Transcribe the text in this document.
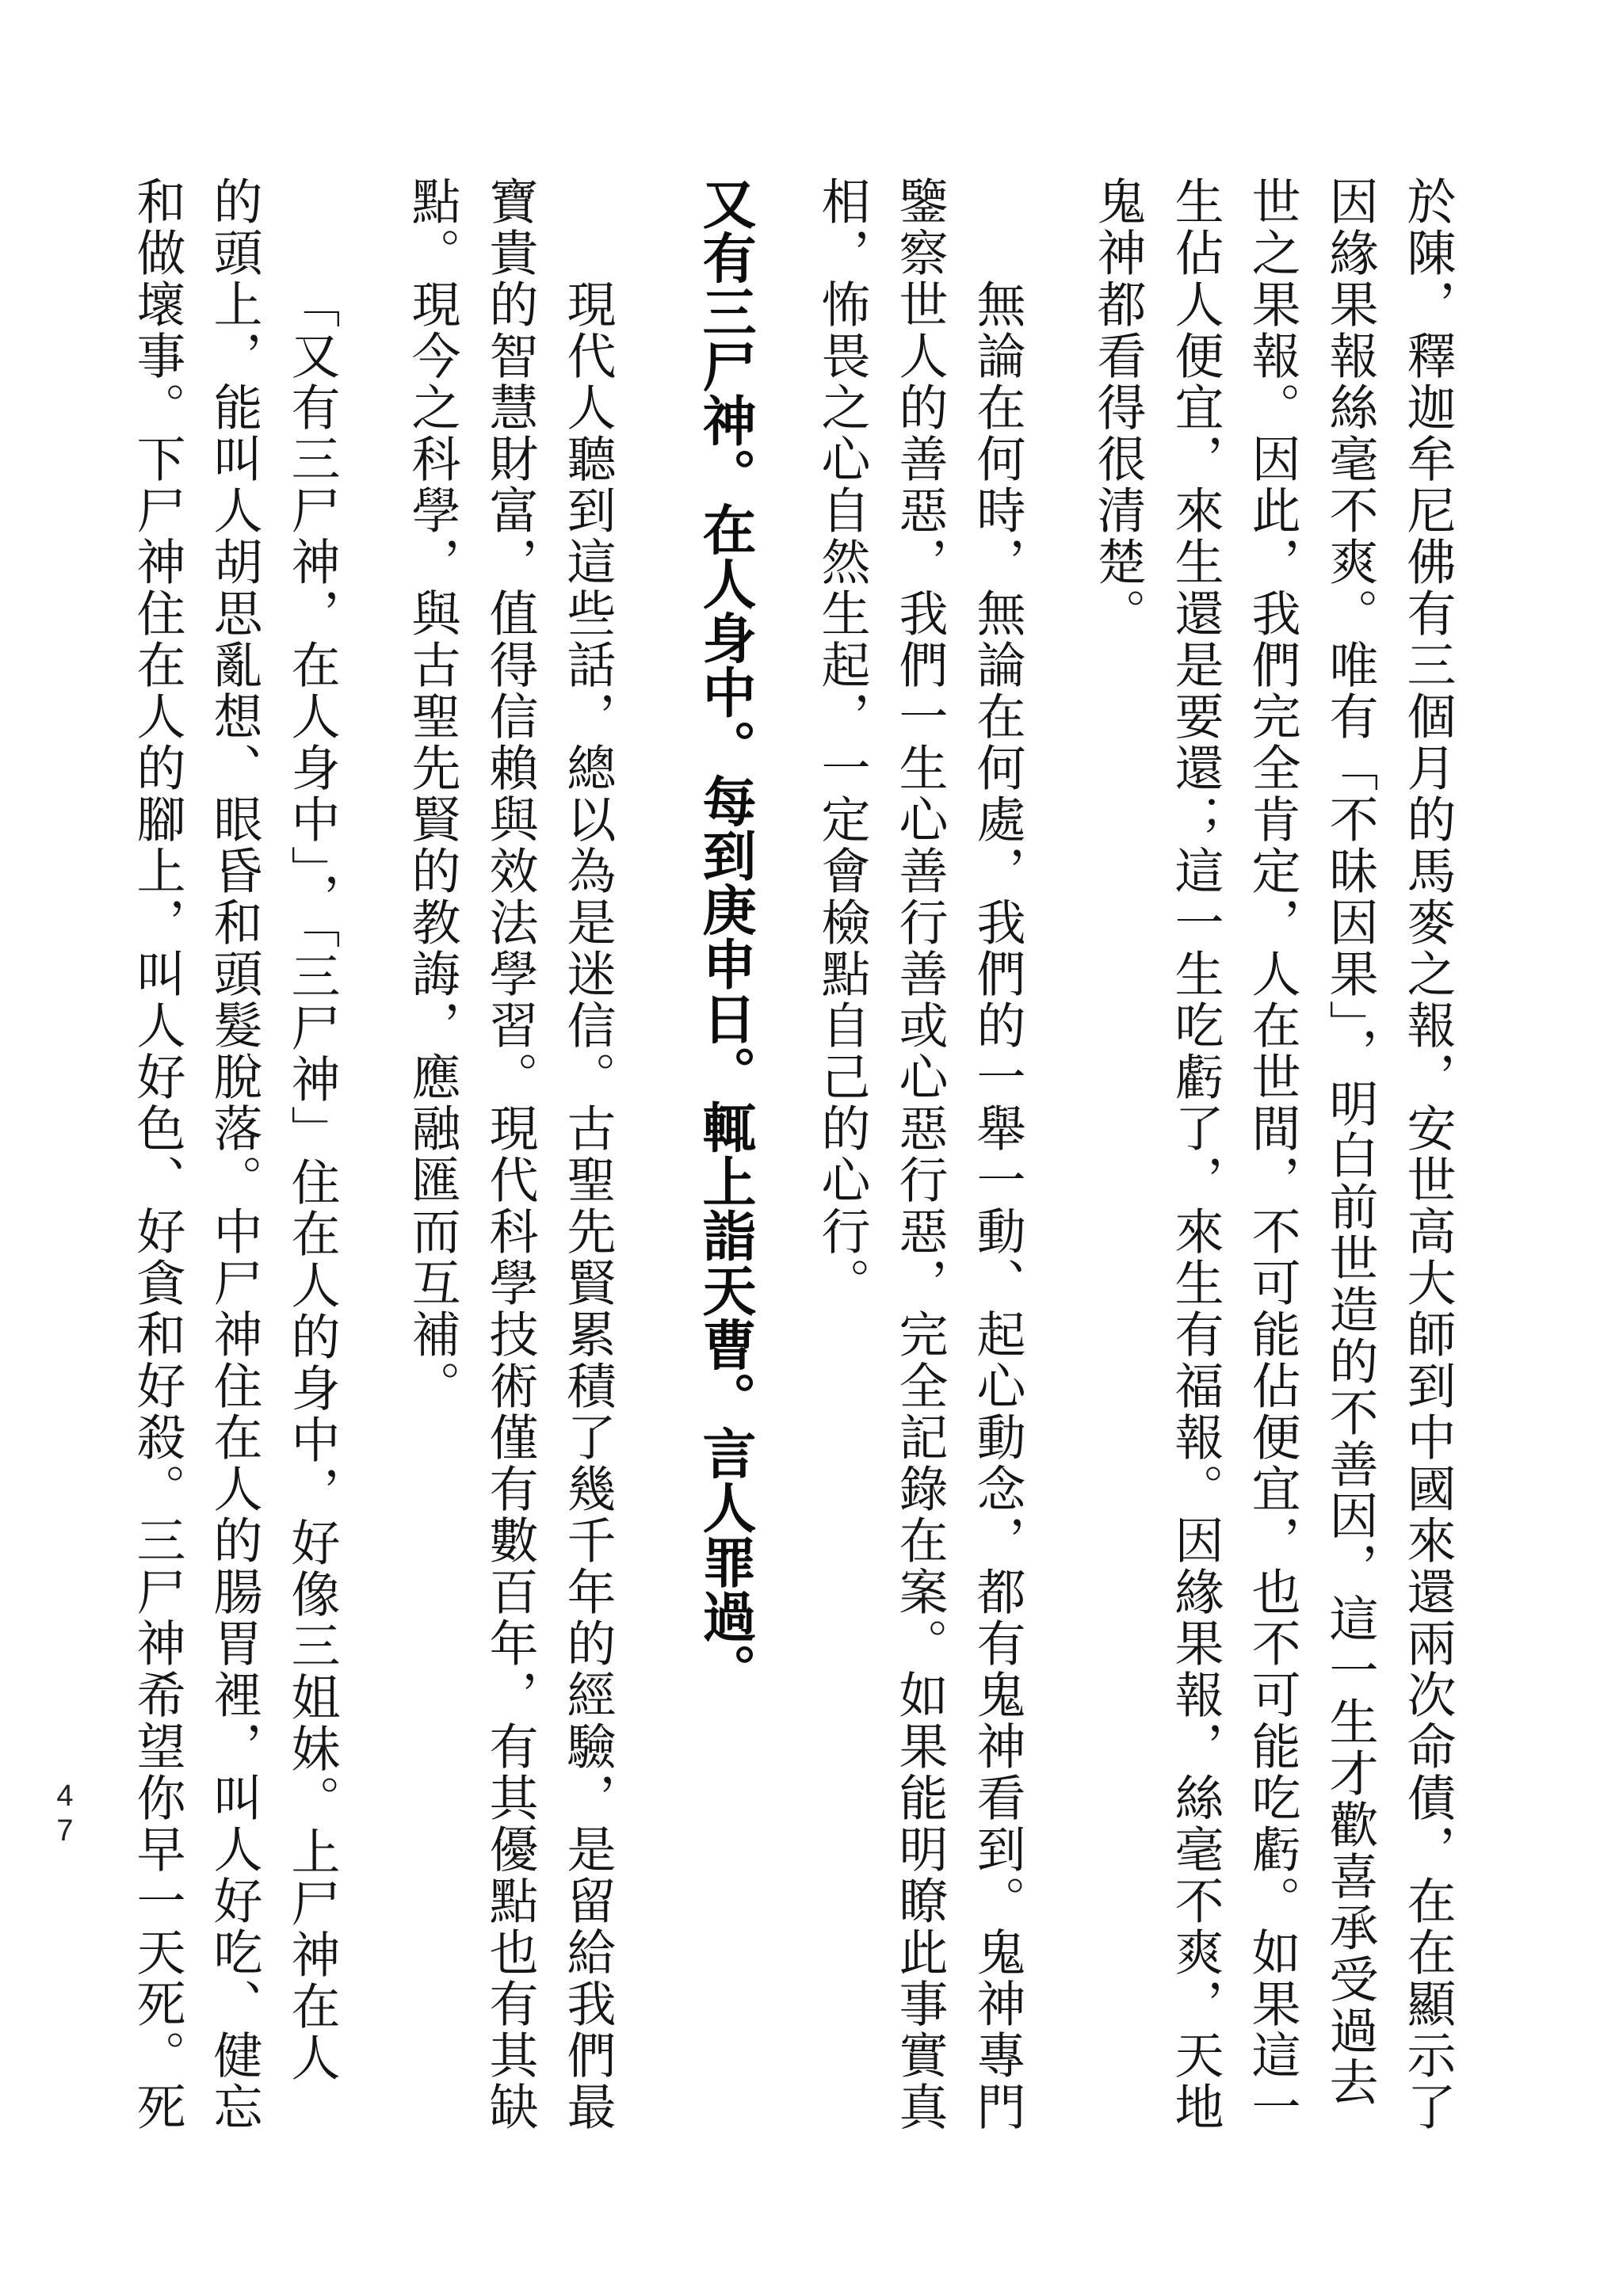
於陳，釋迦牟尼佛有三個月的馬麥之報，安世高大師到中國來還兩次命債，在在顯示了
因緣果報絲毫不爽。唯有「不昧因果」，明白前世造的不善因，這一生才歡喜承受過去
世之果報。因此，我們完全肯定，人在世間，不可能佔便宜，也不可能吃虧。如果這一
生佔人便宜，來生還是要還；這一生吃虧了，來生有福報。因緣果報，絲毫不爽，天地
鬼神都看得很清楚。
無論在何時，無論在何處，我們的一舉一動、起心動念，都有鬼神看到。鬼神專門
鑒察世人的善惡，我們一生心善行善或心惡行惡，完全記錄在案。如果能明瞭此事實真
相，怖畏之心自然生起，一定會檢點自己的心行。
又有三尸神。在人身中。每到庚申日。輒上詣天曹。言人罪過。
現代人聽到這些話，總以為是迷信。古聖先賢累積了幾千年的經驗，是留給我們最
寶貴的智慧財富，值得信賴與效法學習。現代科學技術僅有數百年，有其優點也有其缺
點。現今之科學，與古聖先賢的教誨，應融匯而互補。
「又有三尸神，在人身中」，「三尸神」住在人的身中，好像三姐妹。上尸神在人
的頭上，能叫人胡思亂想、眼昏和頭髮脫落。中尸神住在人的腸胃裡，叫人好吃、健忘
和做壞事。下尸神住在人的腳上，叫人好色、好貪和好殺。三尸神希望你早一天死。死
47
